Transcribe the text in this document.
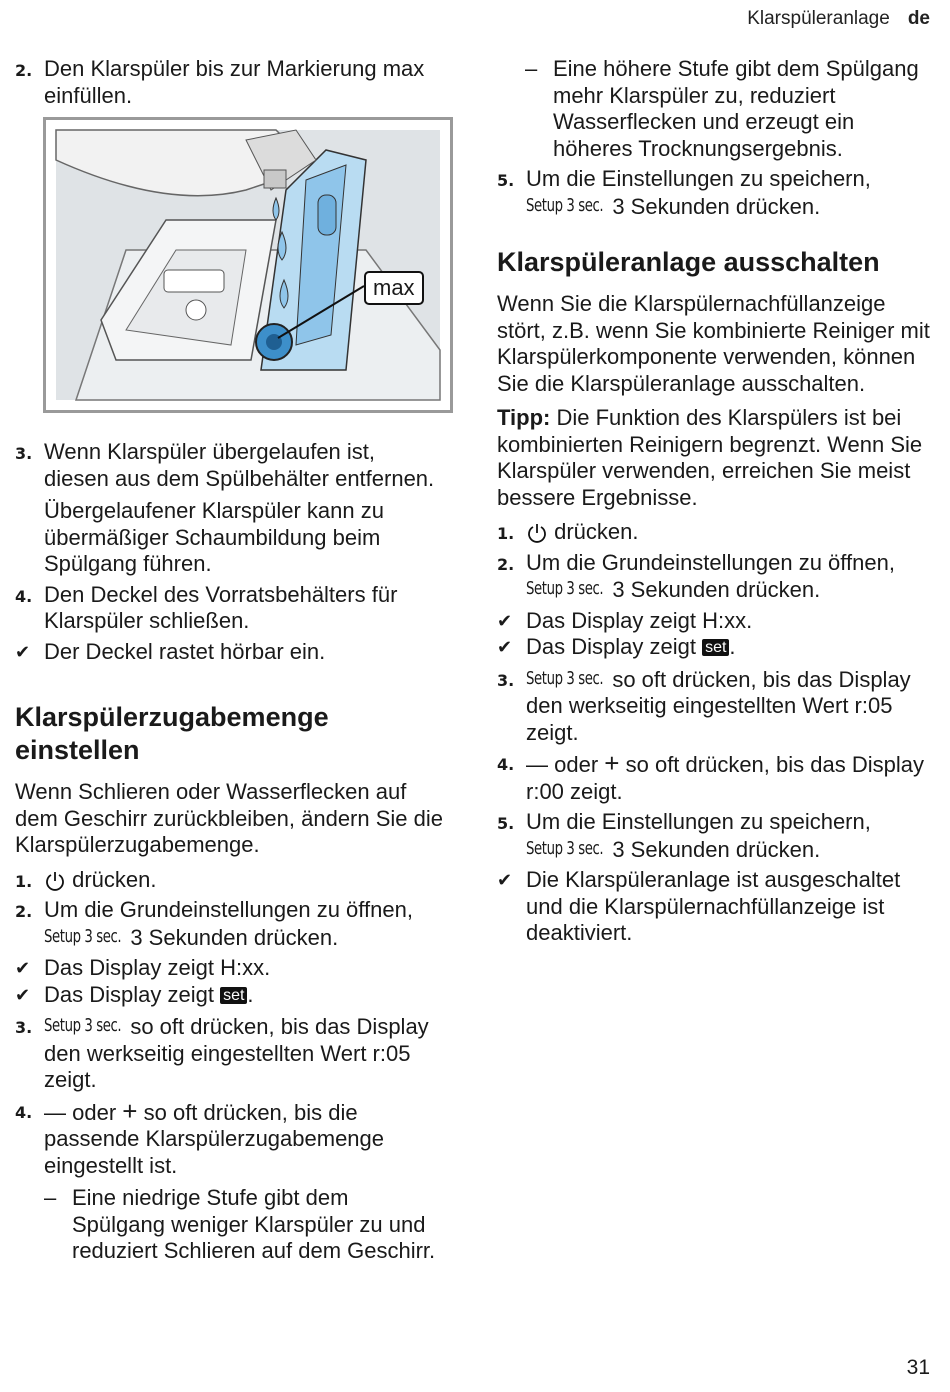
Klarspüleranlage de
2. Den Klarspüler bis zur Markierung max einfüllen.

max
3. Wenn Klarspüler übergelaufen ist, diesen aus dem Spülbehälter entfernen.

Übergelaufener Klarspüler kann zu übermäßiger Schaumbildung beim Spülgang führen.

4. Den Deckel des Vorratsbehälters für Klarspüler schließen.

✔ Der Deckel rastet hörbar ein.
Klarspülerzugabemenge einstellen

Wenn Schlieren oder Wasserflecken auf dem Geschirr zurückbleiben, ändern Sie die Klarspülerzugabemenge.

1.	drücken.

2. Um die Grundeinstellungen zu öffnen, Setup 3 sec. 3 Sekunden drücken.

✔ Das Display zeigt H:xx.
✔ Das Display zeigt set .
3. Setup 3 sec. so oft drücken, bis das Display den werkseitig eingestellten Wert r:05 zeigt.

4. — oder + so oft drücken, bis die passende Klarspülerzugabemenge eingestellt ist.

– Eine niedrige Stufe gibt dem Spülgang weniger Klarspüler zu und reduziert Schlieren auf dem Geschirr.
– Eine höhere Stufe gibt dem Spülgang mehr Klarspüler zu, reduziert Wasserflecken und erzeugt ein höheres Trocknungsergebnis.
5. Um die Einstellungen zu speichern, Setup 3 sec. 3 Sekunden drücken.

Klarspüleranlage ausschalten

Wenn Sie die Klarspülernachfüllanzeige stört, z.B. wenn Sie kombinierte Reiniger mit Klarspülerkomponente verwenden, können Sie die Klarspüleranlage ausschalten.

Tipp: Die Funktion des Klarspülers ist bei kombinierten Reinigern begrenzt. Wenn Sie Klarspüler verwenden, erreichen Sie meist bessere Ergebnisse.

1.	drücken.

2. Um die Grundeinstellungen zu öffnen, Setup 3 sec. 3 Sekunden drücken.

✔ Das Display zeigt H:xx.
✔ Das Display zeigt set .
3. Setup 3 sec. so oft drücken, bis das Display den werkseitig eingestellten Wert r:05 zeigt.

4. — oder + so oft drücken, bis das Display r:00 zeigt.

5. Um die Einstellungen zu speichern, Setup 3 sec. 3 Sekunden drücken.

✔ Die Klarspüleranlage ist ausgeschaltet und die Klarspülernachfüllanzeige ist deaktiviert.
31
